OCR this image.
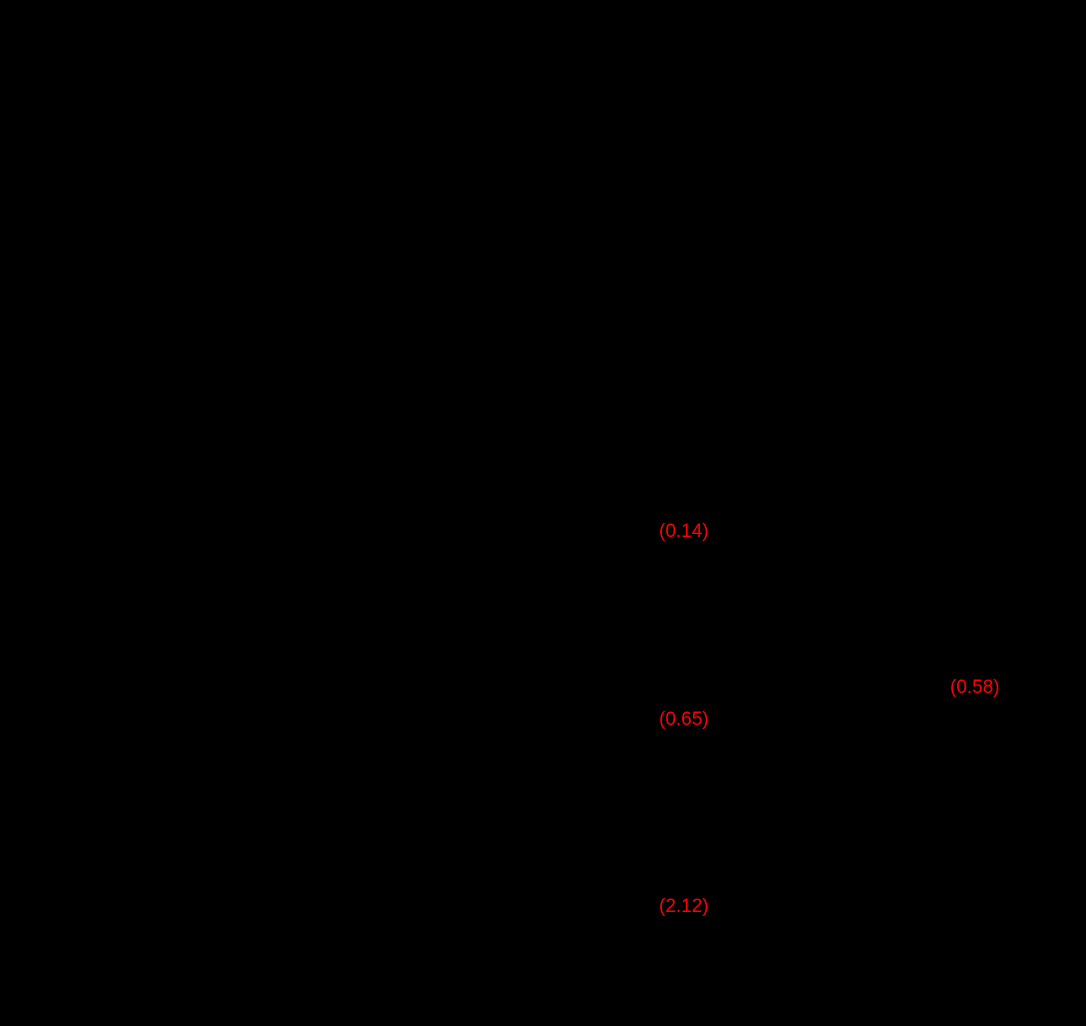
(0.14)
(0.58)
(0.65)
(2.12)
